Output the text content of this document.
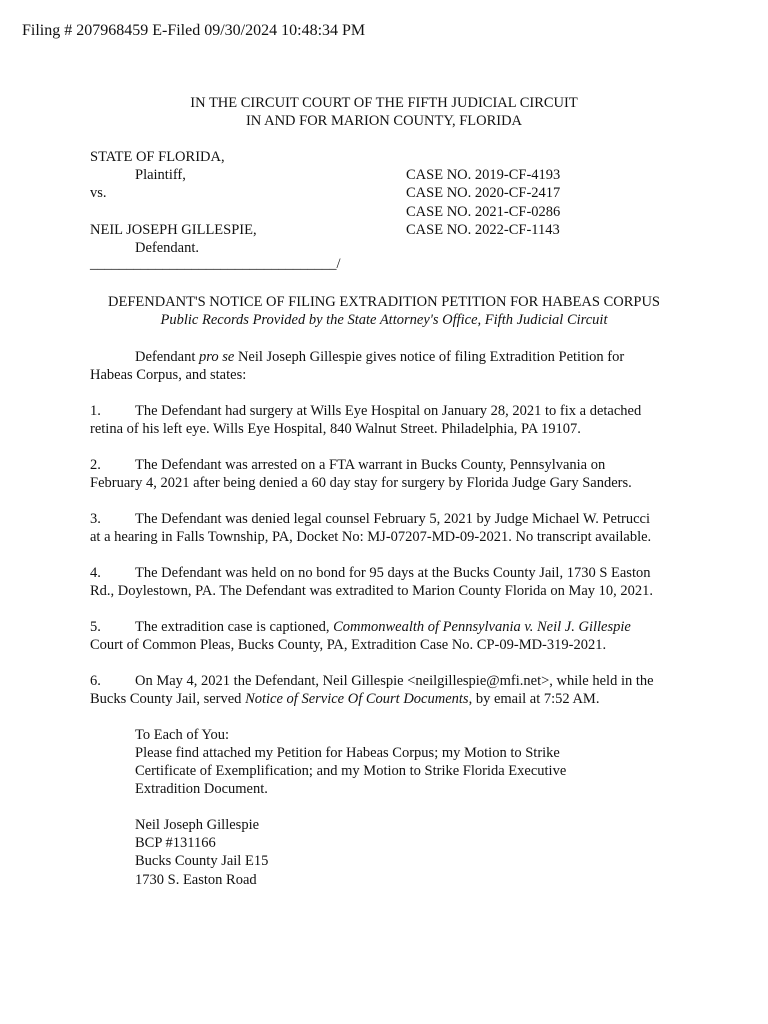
Filing # 207968459 E-Filed 09/30/2024 10:48:34 PM
IN THE CIRCUIT COURT OF THE FIFTH JUDICIAL CIRCUIT
IN AND FOR MARION COUNTY, FLORIDA
STATE OF FLORIDA,
Plaintiff,
vs.
NEIL JOSEPH GILLESPIE,
Defendant.
__________________________________/
CASE NO. 2019-CF-4193
CASE NO. 2020-CF-2417
CASE NO. 2021-CF-0286
CASE NO. 2022-CF-1143
DEFENDANT'S NOTICE OF FILING EXTRADITION PETITION FOR HABEAS CORPUS
Public Records Provided by the State Attorney's Office, Fifth Judicial Circuit
Defendant pro se Neil Joseph Gillespie gives notice of filing Extradition Petition for
Habeas Corpus, and states:
1. The Defendant had surgery at Wills Eye Hospital on January 28, 2021 to fix a detached
retina of his left eye. Wills Eye Hospital, 840 Walnut Street. Philadelphia, PA 19107.
2. The Defendant was arrested on a FTA warrant in Bucks County, Pennsylvania on
February 4, 2021 after being denied a 60 day stay for surgery by Florida Judge Gary Sanders.
3. The Defendant was denied legal counsel February 5, 2021 by Judge Michael W. Petrucci
at a hearing in Falls Township, PA, Docket No: MJ-07207-MD-09-2021. No transcript available.
4. The Defendant was held on no bond for 95 days at the Bucks County Jail, 1730 S Easton
Rd., Doylestown, PA. The Defendant was extradited to Marion County Florida on May 10, 2021.
5. The extradition case is captioned, Commonwealth of Pennsylvania v. Neil J. Gillespie
Court of Common Pleas, Bucks County, PA, Extradition Case No. CP-09-MD-319-2021.
6. On May 4, 2021 the Defendant, Neil Gillespie <neilgillespie@mfi.net>, while held in the
Bucks County Jail, served Notice of Service Of Court Documents, by email at 7:52 AM.
To Each of You:
Please find attached my Petition for Habeas Corpus; my Motion to Strike
Certificate of Exemplification; and my Motion to Strike Florida Executive
Extradition Document.
Neil Joseph Gillespie
BCP #131166
Bucks County Jail E15
1730 S. Easton Road
